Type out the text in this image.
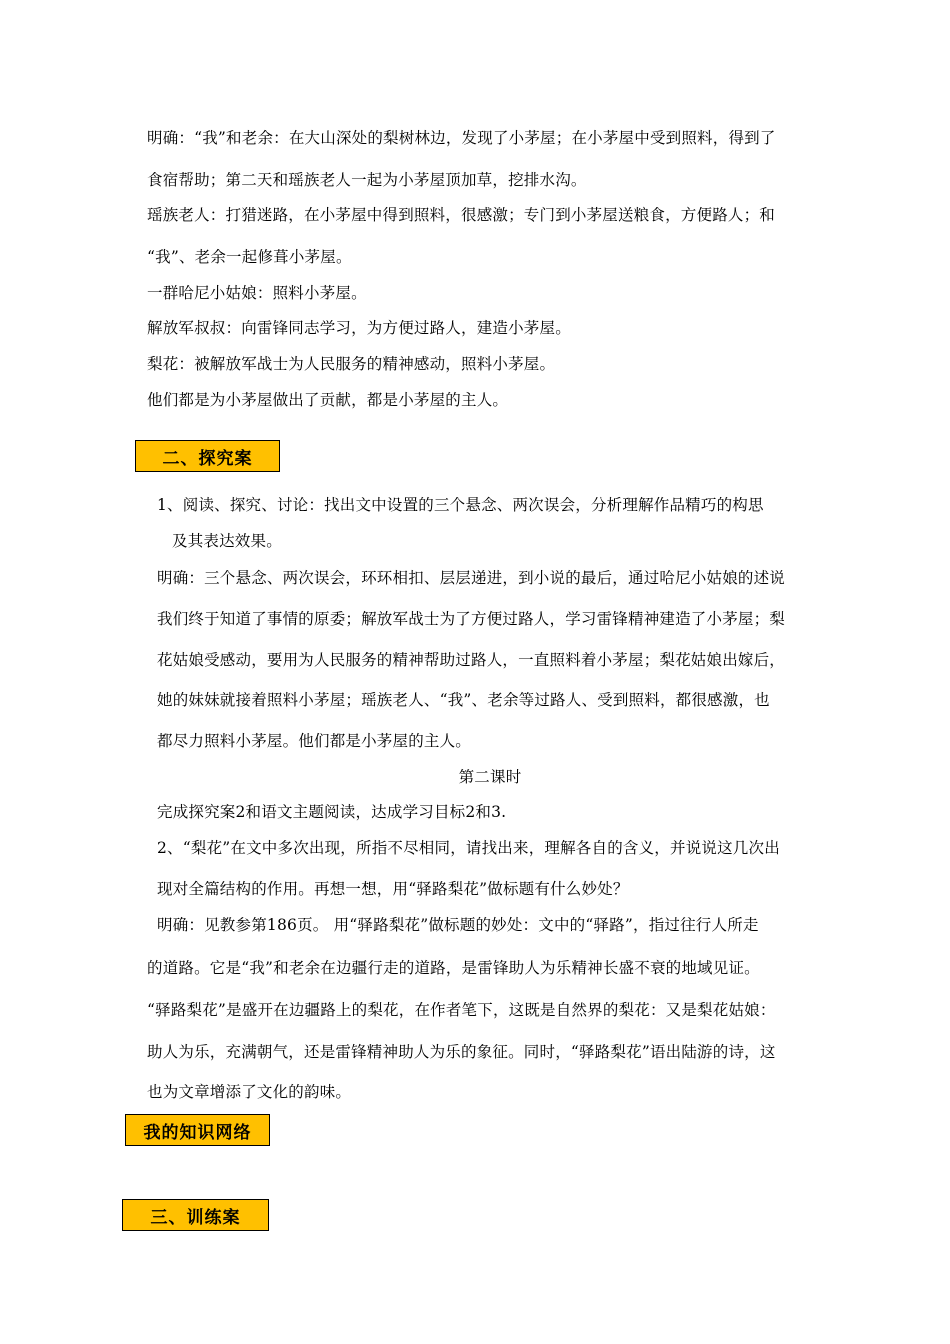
明确：“我”和老余：在大山深处的梨树林边，发现了小茅屋；在小茅屋中受到照料，得到了
食宿帮助；第二天和瑶族老人一起为小茅屋顶加草，挖排水沟。
瑶族老人：打猎迷路，在小茅屋中得到照料，很感激；专门到小茅屋送粮食，方便路人；和
“我”、老余一起修葺小茅屋。
一群哈尼小姑娘：照料小茅屋。
解放军叔叔：向雷锋同志学习，为方便过路人，建造小茅屋。
梨花：被解放军战士为人民服务的精神感动，照料小茅屋。
他们都是为小茅屋做出了贡献，都是小茅屋的主人。
二、探究案
1、阅读、探究、讨论：找出文中设置的三个悬念、两次误会，分析理解作品精巧的构思
及其表达效果。
明确：三个悬念、两次误会，环环相扣、层层递进，到小说的最后，通过哈尼小姑娘的述说
我们终于知道了事情的原委；解放军战士为了方便过路人，学习雷锋精神建造了小茅屋；梨
花姑娘受感动，要用为人民服务的精神帮助过路人，一直照料着小茅屋；梨花姑娘出嫁后，
她的妹妹就接着照料小茅屋；瑶族老人、“我”、老余等过路人、受到照料，都很感激，也
都尽力照料小茅屋。他们都是小茅屋的主人。
第二课时
完成探究案2和语文主题阅读，达成学习目标2和3.
2、“梨花”在文中多次出现，所指不尽相同，请找出来，理解各自的含义，并说说这几次出
现对全篇结构的作用。再想一想，用“驿路梨花”做标题有什么妙处？
明确：见教参第186页。 用“驿路梨花”做标题的妙处：文中的“驿路”，指过往行人所走
的道路。它是“我”和老余在边疆行走的道路，是雷锋助人为乐精神长盛不衰的地域见证。
“驿路梨花”是盛开在边疆路上的梨花，在作者笔下，这既是自然界的梨花：又是梨花姑娘：
助人为乐，充满朝气，还是雷锋精神助人为乐的象征。同时，“驿路梨花”语出陆游的诗，这
也为文章增添了文化的韵味。
我的知识网络
三、训练案
